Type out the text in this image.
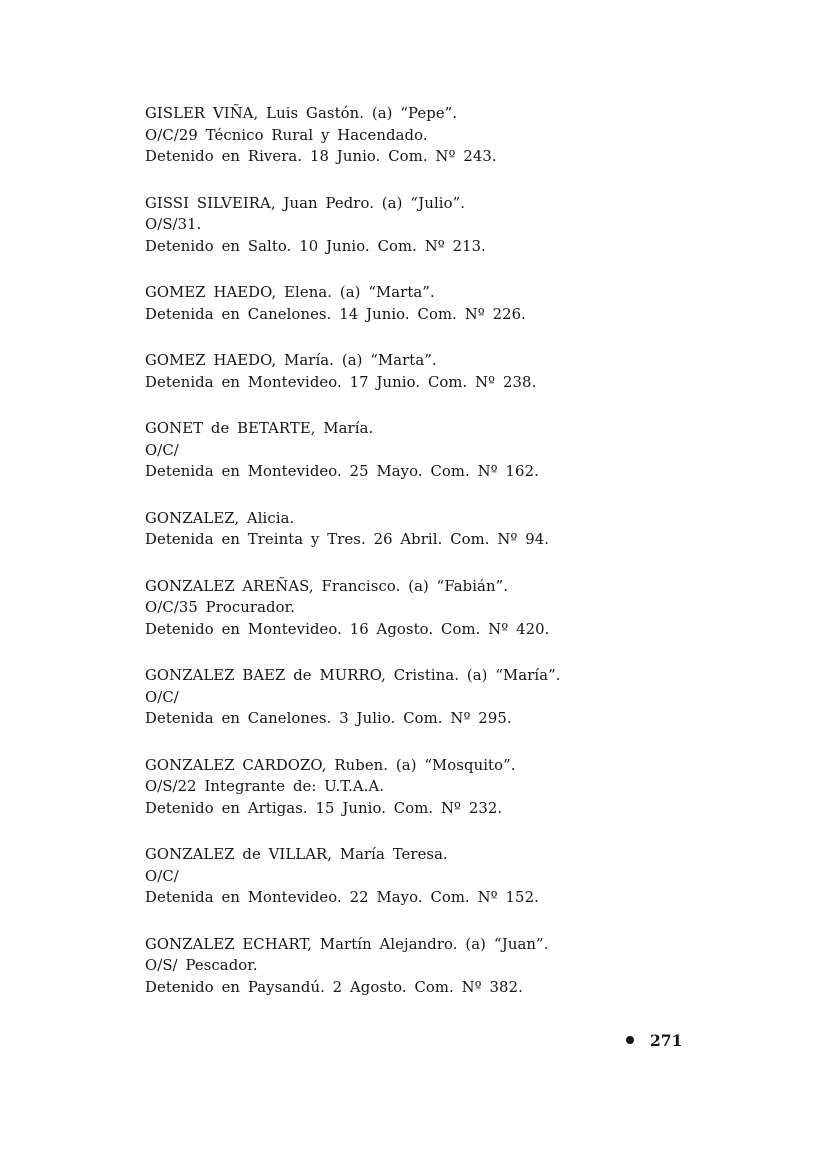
GISLER VIÑA, Luis Gastón. (a) “Pepe”.
O/C/29 Técnico Rural y Hacendado.
Detenido en Rivera. 18 Junio. Com. Nº 243.
GISSI SILVEIRA, Juan Pedro. (a) “Julio”.
O/S/31.
Detenido en Salto. 10 Junio. Com. Nº 213.
GOMEZ HAEDO, Elena. (a) “Marta”.
Detenida en Canelones. 14 Junio. Com. Nº 226.
GOMEZ HAEDO, María. (a) “Marta”.
Detenida en Montevideo. 17 Junio. Com. Nº 238.
GONET de BETARTE, María.
O/C/
Detenida en Montevideo. 25 Mayo. Com. Nº 162.
GONZALEZ, Alicia.
Detenida en Treinta y Tres. 26 Abril. Com. Nº 94.
GONZALEZ AREÑAS, Francisco. (a) “Fabián”.
O/C/35 Procurador.
Detenido en Montevideo. 16 Agosto. Com. Nº 420.
GONZALEZ BAEZ de MURRO, Cristina. (a) “María”.
O/C/
Detenida en Canelones. 3 Julio. Com. Nº 295.
GONZALEZ CARDOZO, Ruben. (a) “Mosquito”.
O/S/22 Integrante de: U.T.A.A.
Detenido en Artigas. 15 Junio. Com. Nº 232.
GONZALEZ de VILLAR, María Teresa.
O/C/
Detenida en Montevideo. 22 Mayo. Com. Nº 152.
GONZALEZ ECHART, Martín Alejandro. (a) “Juan”.
O/S/ Pescador.
Detenido en Paysandú. 2 Agosto. Com. Nº 382.
271
